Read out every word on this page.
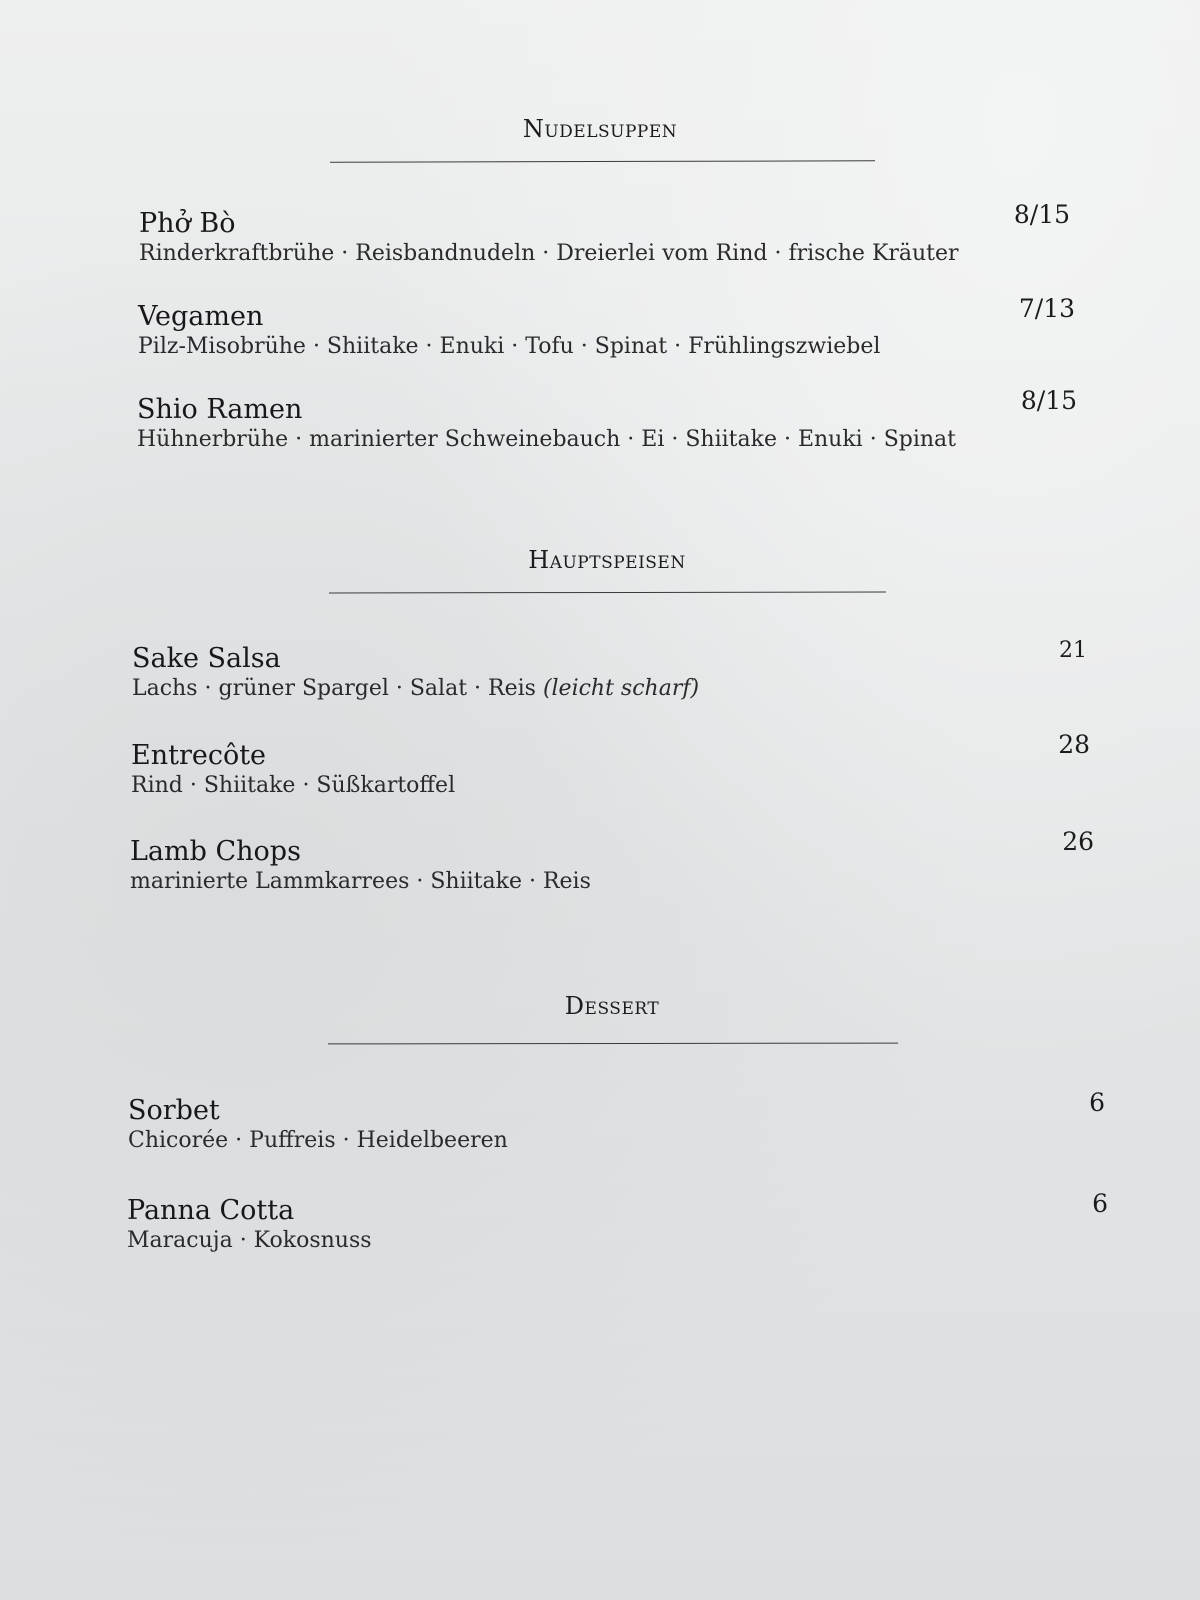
Nudelsuppen
Phở Bò
Rinderkraftbrühe · Reisbandnudeln · Dreierlei vom Rind · frische Kräuter
8/15
Vegamen
Pilz-Misobrühe · Shiitake · Enuki · Tofu · Spinat · Frühlingszwiebel
7/13
Shio Ramen
Hühnerbrühe · marinierter Schweinebauch · Ei · Shiitake · Enuki · Spinat
8/15
Hauptspeisen
Sake Salsa
Lachs · grüner Spargel · Salat · Reis (leicht scharf)
21
Entrecôte
Rind · Shiitake · Süßkartoffel
28
Lamb Chops
marinierte Lammkarrees · Shiitake · Reis
26
Dessert
Sorbet
Chicorée · Puffreis · Heidelbeeren
6
Panna Cotta
Maracuja · Kokosnuss
6
